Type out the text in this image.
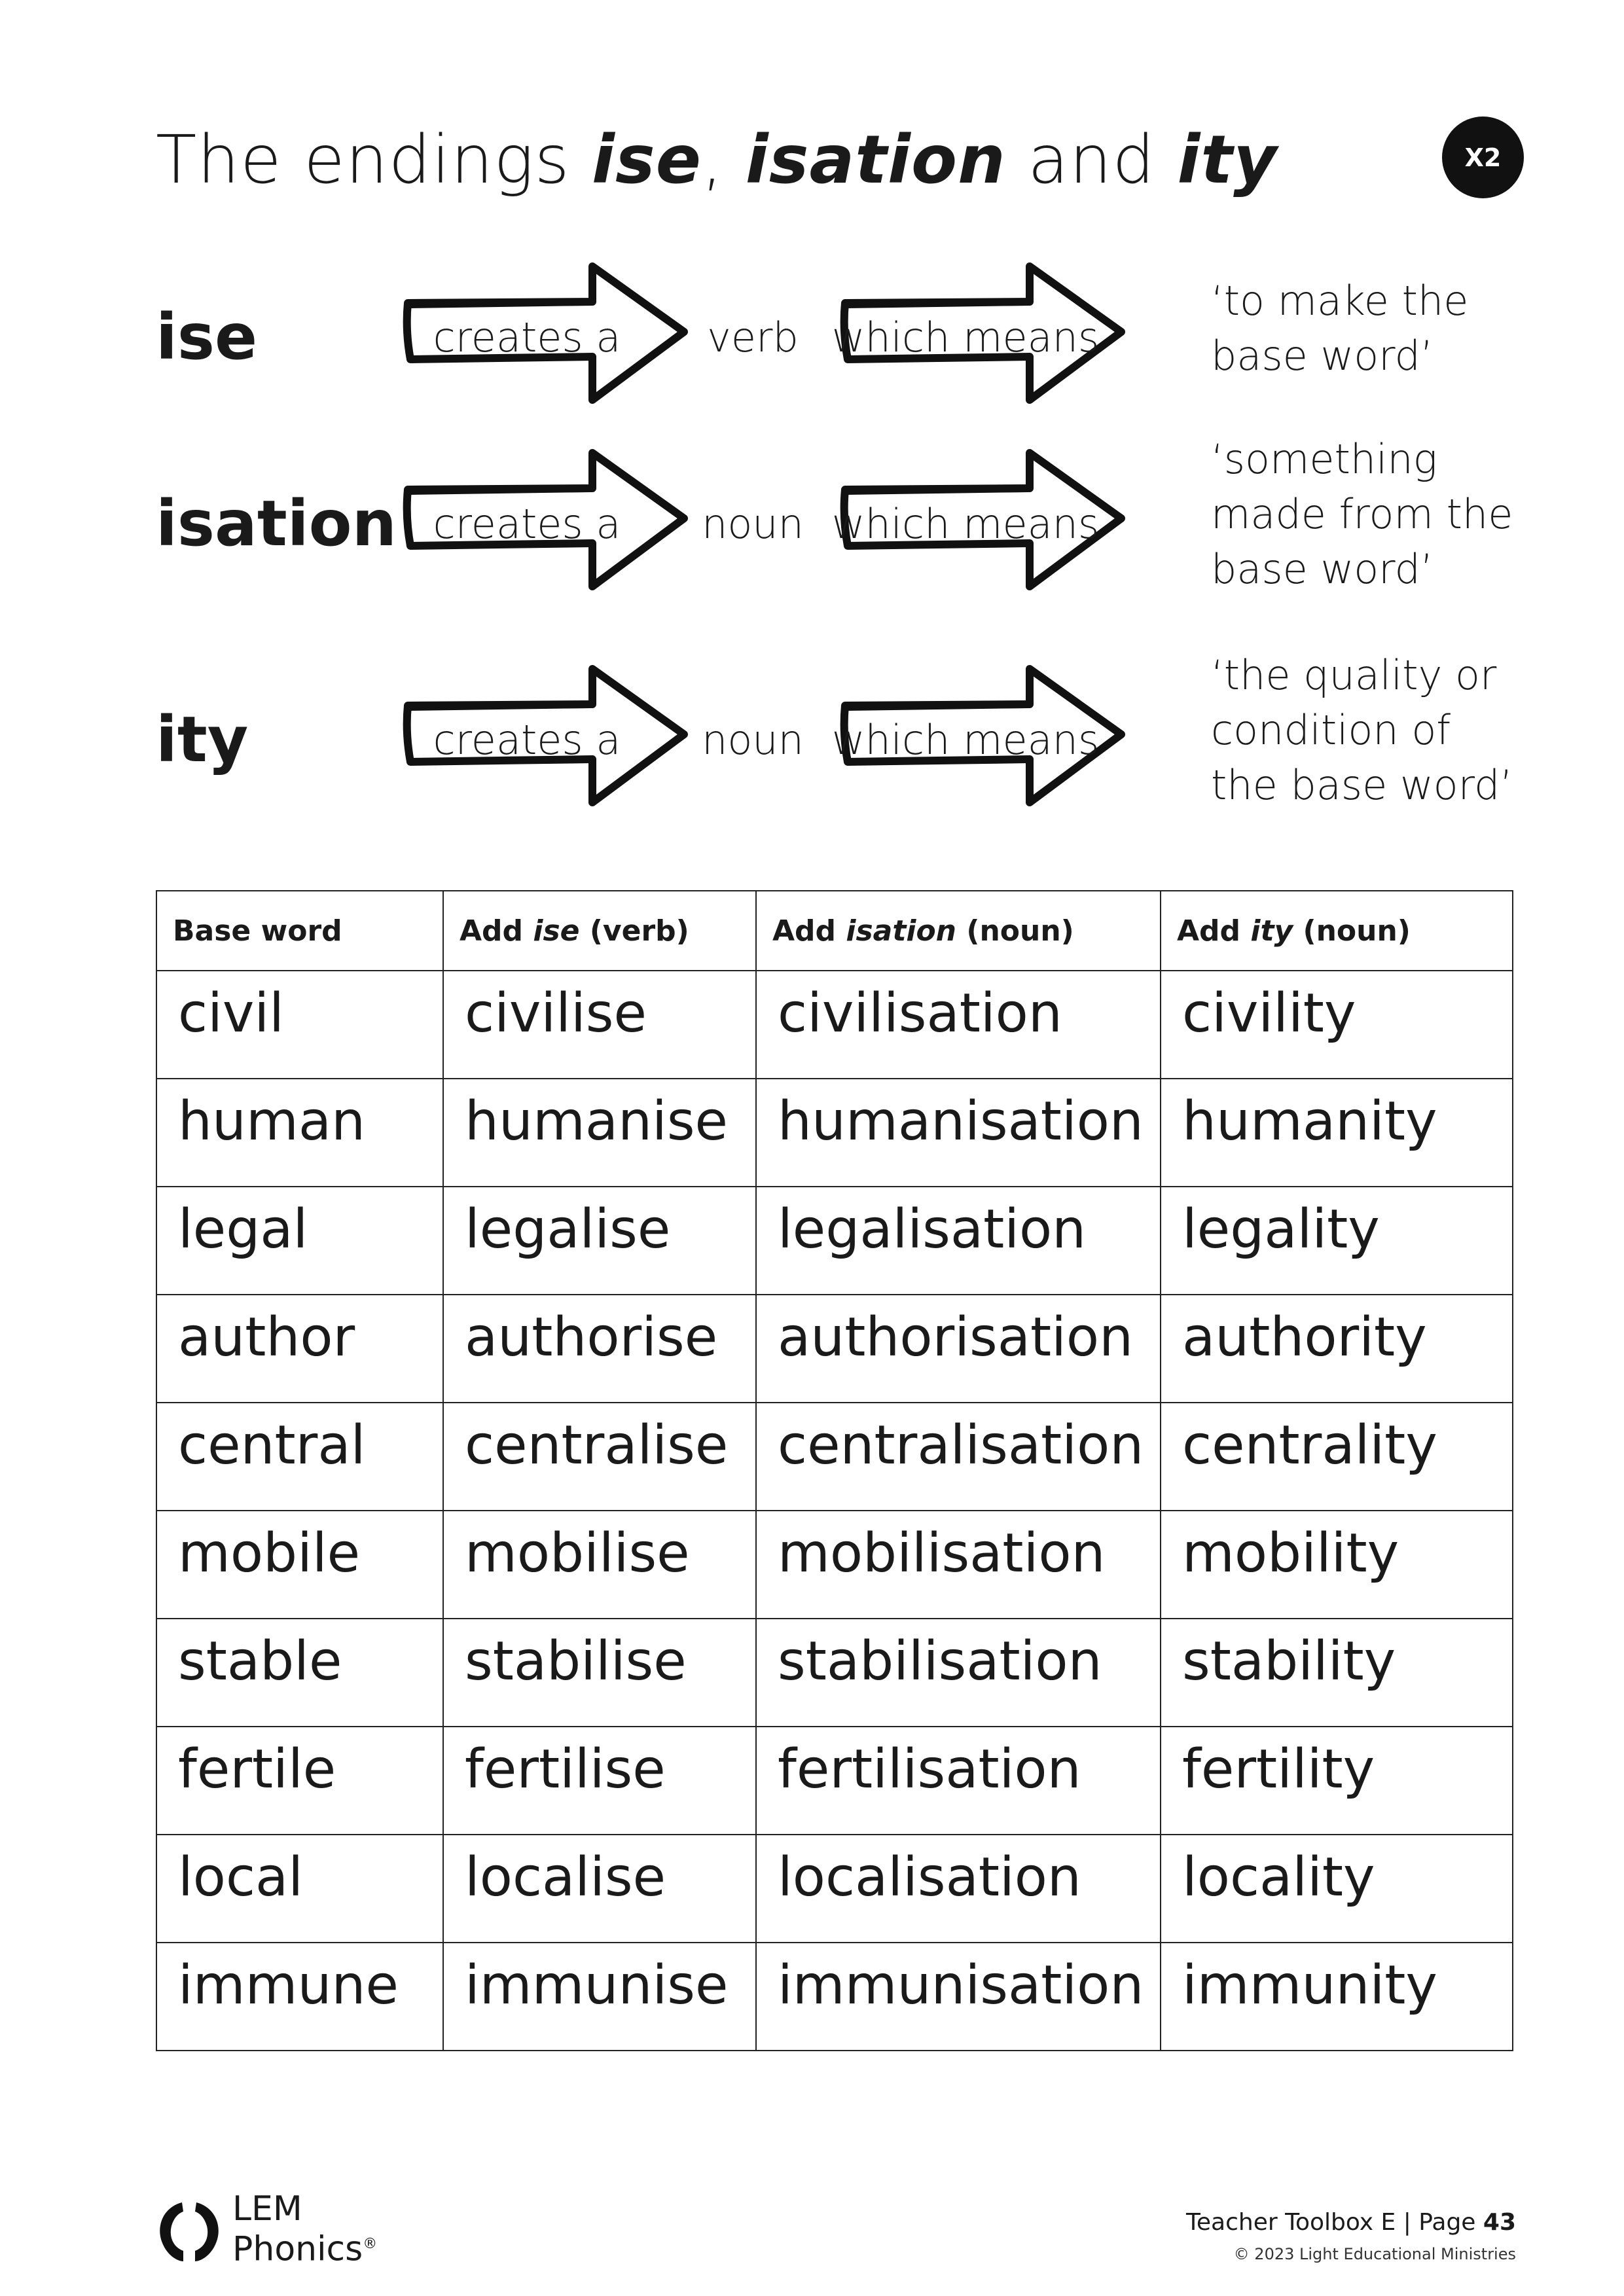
The endings ise, isation and ity	X2
ise	creates a	verb which means
‘to make the
base word’
isation creates a	noun which means
‘something
made from the
base word’
ity	creates a	noun which means
‘the quality or
condition of
the base word’
Base word	Add ise (verb)	Add isation (noun)	Add ity (noun)
civil	civilise	civilisation	civility
human	humanise	humanisation	humanity
legal	legalise	legalisation	legality
author	authorise	authorisation	authority
central	centralise	centralisation	centrality
mobile	mobilise	mobilisation	mobility
stable	stabilise	stabilisation	stability
fertile	fertilise	fertilisation	fertility
local	localise	localisation	locality
immune	immunise	immunisation	immunity
LEM
Phonics®
Teacher Toolbox E | Page 43
© 2023 Light Educational Ministries
